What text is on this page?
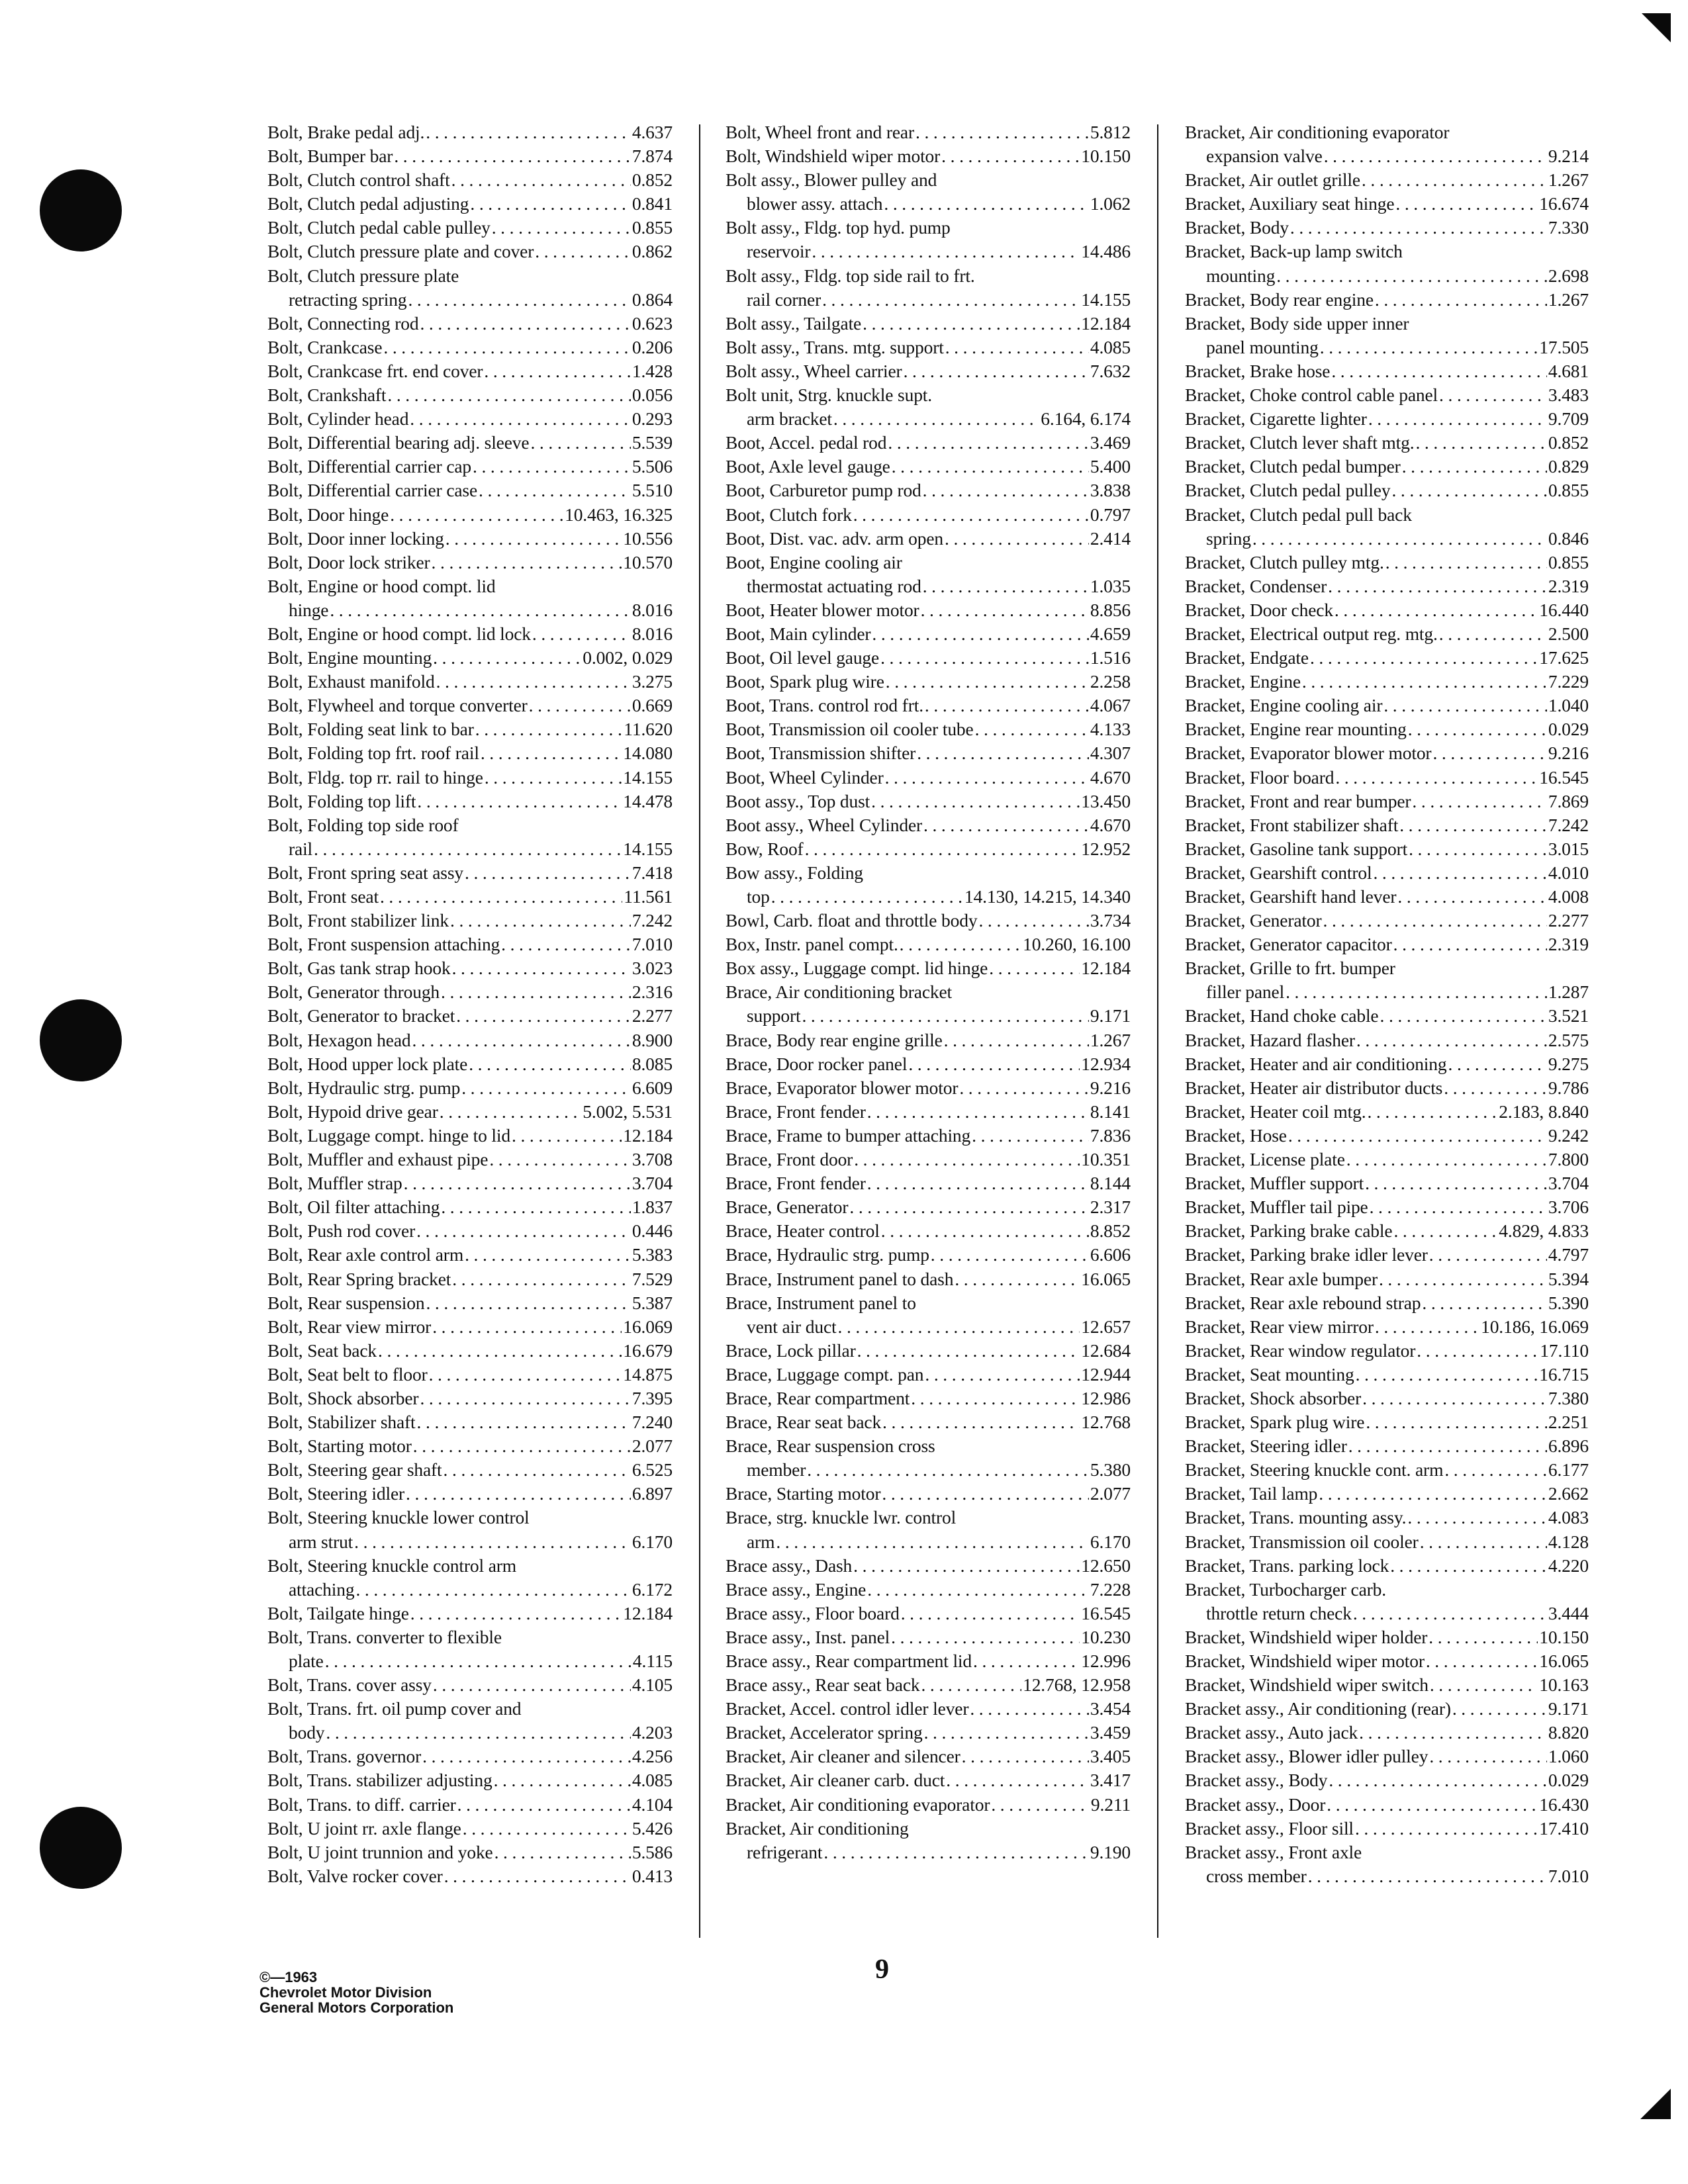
Bolt, Brake pedal adj. . . .	4.637
Bolt, Bumper bar . . .	7.874
Bolt, Clutch control shaft . . .	0.852
Bolt, Clutch pedal adjusting . . .	0.841
Bolt, Clutch pedal cable pulley . . .	0.855
Bolt, Clutch pressure plate and cover . . .	0.862
Bolt, Clutch pressure plate
retracting spring . . .	0.864
Bolt, Connecting rod . . .	0.623
Bolt, Crankcase . . .	0.206
Bolt, Crankcase frt. end cover . . .	1.428
Bolt, Crankshaft . . .	0.056
Bolt, Cylinder head . . .	0.293
Bolt, Differential bearing adj. sleeve . . .	5.539
Bolt, Differential carrier cap . . .	5.506
Bolt, Differential carrier case . . .	5.510
Bolt, Door hinge . . .	10.463, 16.325
Bolt, Door inner locking . . .	10.556
Bolt, Door lock striker . . .	10.570
Bolt, Engine or hood compt. lid
hinge . . .	8.016
Bolt, Engine or hood compt. lid lock . . .	8.016
Bolt, Engine mounting . . .	0.002, 0.029
Bolt, Exhaust manifold . . .	3.275
Bolt, Flywheel and torque converter . . .	0.669
Bolt, Folding seat link to bar . . .	11.620
Bolt, Folding top frt. roof rail . . .	14.080
Bolt, Fldg. top rr. rail to hinge . . .	14.155
Bolt, Folding top lift . . .	14.478
Bolt, Folding top side roof
rail . . .	14.155
Bolt, Front spring seat assy . . .	7.418
Bolt, Front seat . . .	11.561
Bolt, Front stabilizer link . . .	7.242
Bolt, Front suspension attaching . . .	7.010
Bolt, Gas tank strap hook . . .	3.023
Bolt, Generator through . . .	2.316
Bolt, Generator to bracket . . .	2.277
Bolt, Hexagon head . . .	8.900
Bolt, Hood upper lock plate . . .	8.085
Bolt, Hydraulic strg. pump . . .	6.609
Bolt, Hypoid drive gear . . .	5.002, 5.531
Bolt, Luggage compt. hinge to lid . . .	12.184
Bolt, Muffler and exhaust pipe . . .	3.708
Bolt, Muffler strap . . .	3.704
Bolt, Oil filter attaching . . .	1.837
Bolt, Push rod cover . . .	0.446
Bolt, Rear axle control arm . . .	5.383
Bolt, Rear Spring bracket . . .	7.529
Bolt, Rear suspension . . .	5.387
Bolt, Rear view mirror . . .	16.069
Bolt, Seat back . . .	16.679
Bolt, Seat belt to floor . . .	14.875
Bolt, Shock absorber . . .	7.395
Bolt, Stabilizer shaft . . .	7.240
Bolt, Starting motor . . .	2.077
Bolt, Steering gear shaft . . .	6.525
Bolt, Steering idler . . .	6.897
Bolt, Steering knuckle lower control
arm strut . . .	6.170
Bolt, Steering knuckle control arm
attaching . . .	6.172
Bolt, Tailgate hinge . . .	12.184
Bolt, Trans. converter to flexible
plate . . .	4.115
Bolt, Trans. cover assy . . .	4.105
Bolt, Trans. frt. oil pump cover and
body . . .	4.203
Bolt, Trans. governor . . .	4.256
Bolt, Trans. stabilizer adjusting . . .	4.085
Bolt, Trans. to diff. carrier . . .	4.104
Bolt, U joint rr. axle flange . . .	5.426
Bolt, U joint trunnion and yoke . . .	5.586
Bolt, Valve rocker cover . . .	0.413
Bolt, Wheel front and rear . . .	5.812
Bolt, Windshield wiper motor . . .	10.150
Bolt assy., Blower pulley and
blower assy. attach . . .	1.062
Bolt assy., Fldg. top hyd. pump
reservoir . . .	14.486
Bolt assy., Fldg. top side rail to frt.
rail corner . . .	14.155
Bolt assy., Tailgate . . .	12.184
Bolt assy., Trans. mtg. support . . .	4.085
Bolt assy., Wheel carrier . . .	7.632
Bolt unit, Strg. knuckle supt.
arm bracket . . .	6.164, 6.174
Boot, Accel. pedal rod . . .	3.469
Boot, Axle level gauge . . .	5.400
Boot, Carburetor pump rod . . .	3.838
Boot, Clutch fork . . .	0.797
Boot, Dist. vac. adv. arm open . . .	2.414
Boot, Engine cooling air
thermostat actuating rod . . .	1.035
Boot, Heater blower motor . . .	8.856
Boot, Main cylinder . . .	4.659
Boot, Oil level gauge . . .	1.516
Boot, Spark plug wire . . .	2.258
Boot, Trans. control rod frt. . . .	4.067
Boot, Transmission oil cooler tube . . .	4.133
Boot, Transmission shifter . . .	4.307
Boot, Wheel Cylinder . . .	4.670
Boot assy., Top dust . . .	13.450
Boot assy., Wheel Cylinder . . .	4.670
Bow, Roof . . .	12.952
Bow assy., Folding
top . . .	14.130, 14.215, 14.340
Bowl, Carb. float and throttle body . . .	3.734
Box, Instr. panel compt. . . .	10.260, 16.100
Box assy., Luggage compt. lid hinge . . .	12.184
Brace, Air conditioning bracket
support . . .	9.171
Brace, Body rear engine grille . . .	1.267
Brace, Door rocker panel . . .	12.934
Brace, Evaporator blower motor . . .	9.216
Brace, Front fender . . .	8.141
Brace, Frame to bumper attaching . . .	7.836
Brace, Front door . . .	10.351
Brace, Front fender . . .	8.144
Brace, Generator . . .	2.317
Brace, Heater control . . .	8.852
Brace, Hydraulic strg. pump . . .	6.606
Brace, Instrument panel to dash . . .	16.065
Brace, Instrument panel to
vent air duct . . .	12.657
Brace, Lock pillar . . .	12.684
Brace, Luggage compt. pan . . .	12.944
Brace, Rear compartment . . .	12.986
Brace, Rear seat back . . .	12.768
Brace, Rear suspension cross
member . . .	5.380
Brace, Starting motor . . .	2.077
Brace, strg. knuckle lwr. control
arm . . .	6.170
Brace assy., Dash . . .	12.650
Brace assy., Engine . . .	7.228
Brace assy., Floor board . . .	16.545
Brace assy., Inst. panel . . .	10.230
Brace assy., Rear compartment lid . . .	12.996
Brace assy., Rear seat back . . .	12.768, 12.958
Bracket, Accel. control idler lever . . .	3.454
Bracket, Accelerator spring . . .	3.459
Bracket, Air cleaner and silencer . . .	3.405
Bracket, Air cleaner carb. duct . . .	3.417
Bracket, Air conditioning evaporator . . .	9.211
Bracket, Air conditioning
refrigerant . . .	9.190
Bracket, Air conditioning evaporator
expansion valve . . .	9.214
Bracket, Air outlet grille . . .	1.267
Bracket, Auxiliary seat hinge . . .	16.674
Bracket, Body . . .	7.330
Bracket, Back-up lamp switch
mounting . . .	2.698
Bracket, Body rear engine . . .	1.267
Bracket, Body side upper inner
panel mounting . . .	17.505
Bracket, Brake hose . . .	4.681
Bracket, Choke control cable panel . . .	3.483
Bracket, Cigarette lighter . . .	9.709
Bracket, Clutch lever shaft mtg. . . .	0.852
Bracket, Clutch pedal bumper . . .	0.829
Bracket, Clutch pedal pulley . . .	0.855
Bracket, Clutch pedal pull back
spring . . .	0.846
Bracket, Clutch pulley mtg. . . .	0.855
Bracket, Condenser . . .	2.319
Bracket, Door check . . .	16.440
Bracket, Electrical output reg. mtg. . . .	2.500
Bracket, Endgate . . .	17.625
Bracket, Engine . . .	7.229
Bracket, Engine cooling air . . .	1.040
Bracket, Engine rear mounting . . .	0.029
Bracket, Evaporator blower motor . . .	9.216
Bracket, Floor board . . .	16.545
Bracket, Front and rear bumper . . .	7.869
Bracket, Front stabilizer shaft . . .	7.242
Bracket, Gasoline tank support . . .	3.015
Bracket, Gearshift control . . .	4.010
Bracket, Gearshift hand lever . . .	4.008
Bracket, Generator . . .	2.277
Bracket, Generator capacitor . . .	2.319
Bracket, Grille to frt. bumper
filler panel . . .	1.287
Bracket, Hand choke cable . . .	3.521
Bracket, Hazard flasher . . .	2.575
Bracket, Heater and air conditioning . . .	9.275
Bracket, Heater air distributor ducts . . .	9.786
Bracket, Heater coil mtg. . . .	2.183, 8.840
Bracket, Hose . . .	9.242
Bracket, License plate . . .	7.800
Bracket, Muffler support . . .	3.704
Bracket, Muffler tail pipe . . .	3.706
Bracket, Parking brake cable . . .	4.829, 4.833
Bracket, Parking brake idler lever . . .	4.797
Bracket, Rear axle bumper . . .	5.394
Bracket, Rear axle rebound strap . . .	5.390
Bracket, Rear view mirror . . .	10.186, 16.069
Bracket, Rear window regulator . . .	17.110
Bracket, Seat mounting . . .	16.715
Bracket, Shock absorber . . .	7.380
Bracket, Spark plug wire . . .	2.251
Bracket, Steering idler . . .	6.896
Bracket, Steering knuckle cont. arm . . .	6.177
Bracket, Tail lamp . . .	2.662
Bracket, Trans. mounting assy. . . .	4.083
Bracket, Transmission oil cooler . . .	4.128
Bracket, Trans. parking lock . . .	4.220
Bracket, Turbocharger carb.
throttle return check . . .	3.444
Bracket, Windshield wiper holder . . .	10.150
Bracket, Windshield wiper motor . . .	16.065
Bracket, Windshield wiper switch . . .	10.163
Bracket assy., Air conditioning (rear) . . .	9.171
Bracket assy., Auto jack . . .	8.820
Bracket assy., Blower idler pulley . . .	1.060
Bracket assy., Body . . .	0.029
Bracket assy., Door . . .	16.430
Bracket assy., Floor sill . . .	17.410
Bracket assy., Front axle
cross member . . .	7.010
©—1963
Chevrolet Motor Division
General Motors Corporation
9
